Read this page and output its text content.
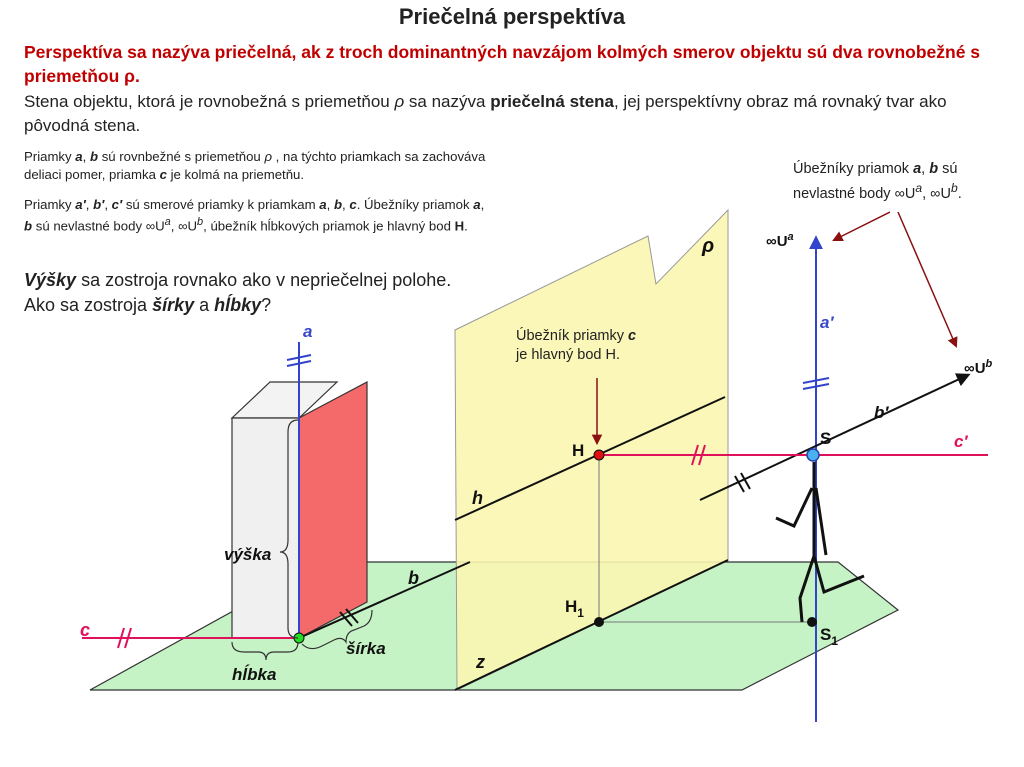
Priečelná perspektíva
Perspektíva sa nazýva priečelná, ak z troch dominantných navzájom kolmých smerov objektu sú dva rovnobežné s priemetňou ρ.
Stena objektu, ktorá je rovnobežná s priemetňou ρ sa nazýva priečelná stena, jej perspektívny obraz má rovnaký tvar ako pôvodná stena.
Priamky a, b sú rovnbežné s priemetňou ρ , na týchto priamkach sa zachováva deliaci pomer, priamka c je kolmá na priemetňu.
Priamky a′, b′, c′ sú smerové priamky k priamkam a, b, c. Úbežníky priamok a, b sú nevlastné body $\infty U^a$, $\infty U^b$, úbežník hĺbkových priamok je hlavný bod H.
Výšky sa zostroja rovnako ako v nepriečelnej polohe.
Ako sa zostroja šírky a hĺbky?
ρ	$\infty U^a$
$\infty U^b$
a	a′
b′
c′
S
$S_1$
H
$H_1$
h
b
c
z
výška
šírka
hĺbka
Úbežník priamky c
je hlavný bod H.
Úbežníky priamok a, b sú
nevlastné body $\infty U^a$, $\infty U^b$.
